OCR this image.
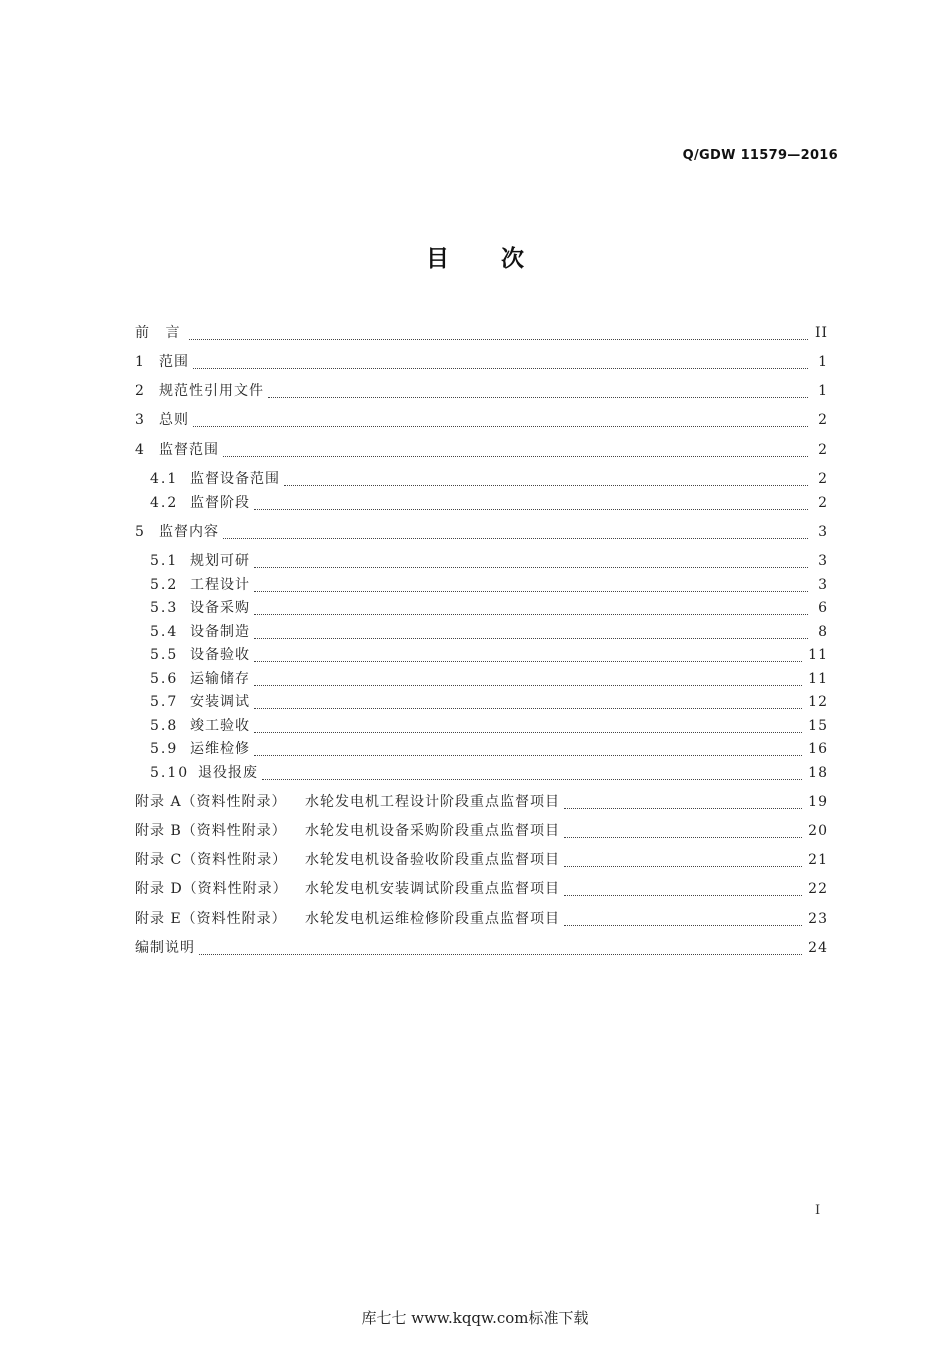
Q/GDW 11579—2016
目 次
前 言	II
1	范围	1
2	规范性引用文件	1
3	总则	2
4	监督范围	2
4.1 监督设备范围	2
4.2 监督阶段	2
5	监督内容	3
5.1 规划可研	3
5.2 工程设计	3
5.3 设备采购	6
5.4 设备制造	8
5.5 设备验收	11
5.6 运输储存	11
5.7 安装调试	12
5.8 竣工验收	15
5.9 运维检修	16
5.10 退役报废	18
附录 A（资料性附录）	水轮发电机工程设计阶段重点监督项目	19
附录 B（资料性附录）	水轮发电机设备采购阶段重点监督项目	20
附录 C（资料性附录）	水轮发电机设备验收阶段重点监督项目	21
附录 D（资料性附录）	水轮发电机安装调试阶段重点监督项目	22
附录 E（资料性附录）	水轮发电机运维检修阶段重点监督项目	23
编制说明	24
I
库七七 www.kqqw.com标准下载
